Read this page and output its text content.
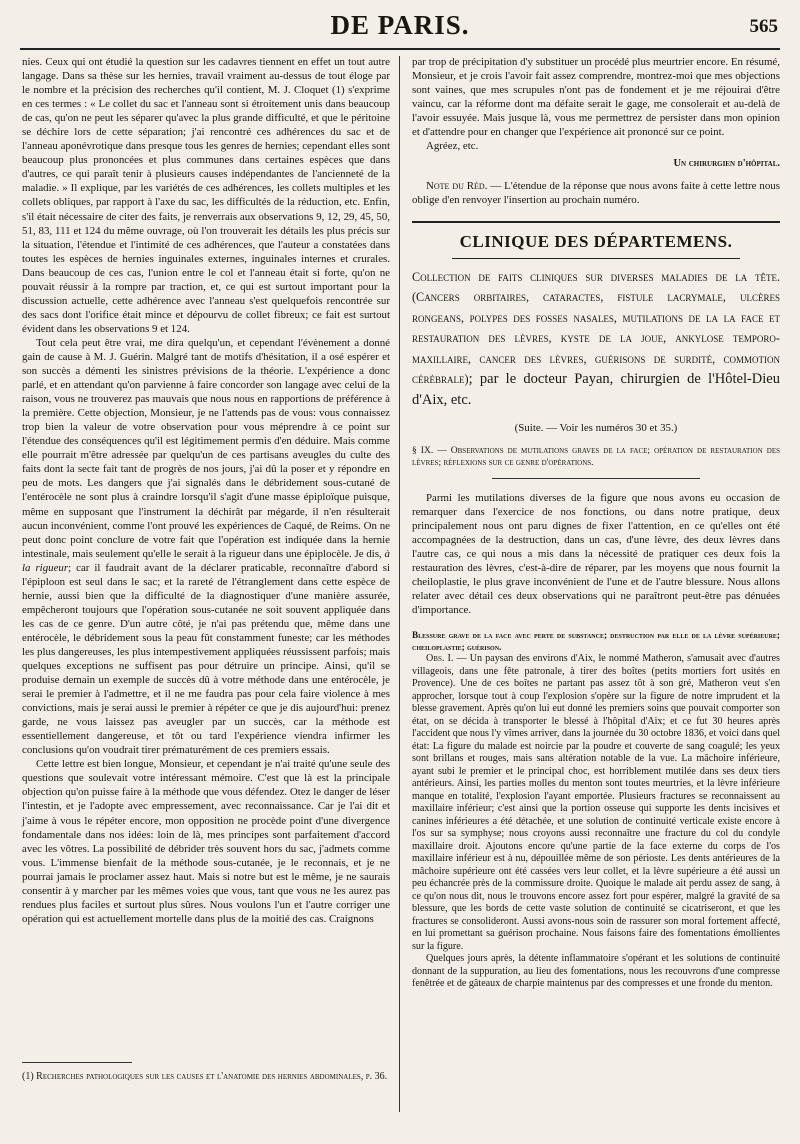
DE PARIS.	565

nies. Ceux qui ont étudié la question sur les cadavres tiennent en effet un tout autre langage. Dans sa thèse sur les hernies, travail vraiment au-dessus de tout éloge par le nombre et la précision des recherches qu'il contient, M. J. Cloquet (1) s'exprime en ces termes : « Le collet du sac et l'anneau sont si étroitement unis dans beaucoup de cas, qu'on ne peut les séparer qu'avec la plus grande difficulté, et que le péritoine se déchire lors de cette séparation; j'ai rencontré ces adhérences du sac et de l'anneau aponévrotique dans presque tous les genres de hernies; cependant elles sont beaucoup plus prononcées et plus communes dans certaines espèces que dans d'autres, ce qui paraît tenir à plusieurs causes indépendantes de l'ancienneté de la maladie. » Il explique, par les variétés de ces adhérences, les collets multiples et les collets obliques, par rapport à l'axe du sac, les difficultés de la réduction, etc. Enfin, s'il était nécessaire de citer des faits, je renverrais aux observations 9, 12, 29, 45, 50, 51, 83, 111 et 124 du même ouvrage, où l'on trouverait les détails les plus précis sur la situation, l'étendue et l'intimité de ces adhérences, que l'auteur a constatées dans toutes les espèces de hernies inguinales externes, inguinales internes et crurales. Dans beaucoup de ces cas, l'union entre le col et l'anneau était si forte, qu'on ne pouvait réussir à la rompre par traction, et, ce qui est surtout important pour la discussion actuelle, cette adhérence avec l'anneau s'est quelquefois rencontrée sur des sacs dont l'orifice était mince et dépourvu de collet fibreux; ce fait est surtout évident dans les observations 9 et 124.

Tout cela peut être vrai, me dira quelqu'un, et cependant l'évènement a donné gain de cause à M. J. Guérin. Malgré tant de motifs d'hésitation, il a osé espérer et son succès a démenti les sinistres prévisions de la théorie. L'expérience a donc parlé, et en attendant qu'on parvienne à faire concorder son langage avec celui de la raison, vous ne trouverez pas mauvais que nous nous en rapportions de préférence à la première. Cette objection, Monsieur, je ne l'attends pas de vous: vous connaissez trop bien la valeur de votre observation pour vous méprendre à ce point sur l'étendue des conséquences qu'il est légitimement permis d'en déduire. Mais comme elle pourrait m'être adressée par quelqu'un de ces partisans aveugles du culte des faits dont la secte fait tant de progrès de nos jours, j'ai dû la poser et y répondre en peu de mots. Les dangers que j'ai signalés dans le débridement sous-cutané de l'entérocèle ne sont plus à craindre lorsqu'il s'agit d'une masse épiploïque puisque, même en supposant que l'instrument la déchirât par mégarde, il n'en résulterait aucun inconvénient, comme l'ont prouvé les expériences de Caqué, de Reims. On ne peut donc point conclure de votre fait que l'opération est indiquée dans la hernie intestinale, mais seulement qu'elle le serait à la rigueur dans une épiplocèle. Je dis, à la rigueur; car il faudrait avant de la déclarer praticable, reconnaître d'abord si l'épiploon est seul dans le sac; et la rareté de l'étranglement dans cette espèce de hernie, aussi bien que la difficulté de la diagnostiquer d'une manière assurée, empêcheront toujours que l'opération sous-cutanée ne soit souvent appliquée dans les cas de ce genre. D'un autre côté, je n'ai pas prétendu que, même dans une entérocèle, le débridement sous la peau fût constamment funeste; car les méthodes les plus dangereuses, les plus intempestivement appliquées réussissent parfois; mais quelques exceptions ne suffisent pas pour détruire un principe. Ainsi, qu'il se produise demain un exemple de succès dû à votre méthode dans une entérocèle, je serai le premier à l'admettre, et il ne me faudra pas pour cela faire violence à mes convictions, mais je serai aussi le premier à répéter ce que je dis aujourd'hui: prenez garde, ne vous laissez pas aveugler par un succès, car la méthode est essentiellement dangereuse, et tôt ou tard l'expérience viendra infirmer les conclusions qu'on voudrait tirer prématurément de ces premiers essais.

Cette lettre est bien longue, Monsieur, et cependant je n'ai traité qu'une seule des questions que soulevait votre intéressant mémoire. C'est que là est la principale objection qu'on puisse faire à la méthode que vous défendez. Otez le danger de léser l'intestin, et je l'adopte avec empressement, avec reconnaissance. Car je l'ai dit et j'aime à vous le répéter encore, mon opposition ne procède point d'une divergence fondamentale dans nos idées: loin de là, mes principes sont parfaitement d'accord avec les vôtres. La possibilité de débrider très souvent hors du sac, j'admets comme vous. L'immense bienfait de la méthode sous-cutanée, je le reconnais, et je ne pourrai jamais le proclamer assez haut. Mais si notre but est le même, je ne saurais consentir à y marcher par les mêmes voies que vous, tant que vous ne les aurez pas rendues plus faciles et surtout plus sûres. Nous voulons l'un et l'autre corriger une opération qui est actuellement mortelle dans plus de la moitié des cas. Craignons

par trop de précipitation d'y substituer un procédé plus meurtrier encore. En résumé, Monsieur, et je crois l'avoir fait assez comprendre, montrez-moi que mes objections sont vaines, que mes scrupules n'ont pas de fondement et je me réjouirai d'être vaincu, car la réforme dont ma défaite serait le gage, me consolerait et au-delà de l'avoir essuyée. Mais jusque là, vous me permettrez de persister dans mon opinion et d'attendre pour en changer que l'expérience ait prononcé sur ce point.

Agréez, etc.

Un chirurgien d'hôpital.

Note du Réd. — L'étendue de la réponse que nous avons faite à cette lettre nous oblige d'en renvoyer l'insertion au prochain numéro.

CLINIQUE DES DÉPARTEMENS.

Collection de faits cliniques sur diverses maladies de la tête. (Cancers orbitaires, cataractes, fistule lacrymale, ulcères rongeans, polypes des fosses nasales, mutilations de la la face et restauration des lèvres, kyste de la joue, ankylose temporo-maxillaire, cancer des lèvres, guérisons de surdité, commotion cérébrale); par le docteur Payan, chirurgien de l'Hôtel-Dieu d'Aix, etc.

(Suite. — Voir les numéros 30 et 35.)

§ IX. — Observations de mutilations graves de la face; opération de restauration des lèvres; réflexions sur ce genre d'opérations.

Parmi les mutilations diverses de la figure que nous avons eu occasion de remarquer dans l'exercice de nos fonctions, ou dans notre pratique, deux principalement nous ont paru dignes de fixer l'attention, en ce qu'elles ont été accompagnées de la destruction, dans un cas, d'une lèvre, des deux lèvres dans l'autre cas, ce qui nous a mis dans la nécessité de pratiquer ces deux fois la restauration des lèvres, c'est-à-dire de réparer, par les moyens que nous fournit la cheiloplastie, le plus grave inconvénient de l'une et de l'autre blessure. Nous allons relater avec détail ces deux observations qui ne paraîtront peut-être pas dénuées d'importance.

Blessure grave de la face avec perte de substance; destruction par elle de la lèvre supérieure; cheiloplastie; guérison.

Obs. I. — Un paysan des environs d'Aix, le nommé Matheron, s'amusait avec d'autres villageois, dans une fête patronale, à tirer des boîtes (petits mortiers fort usités en Provence). Une de ces boîtes ne partant pas assez tôt à son gré, Matheron veut s'en approcher, lorsque tout à coup l'explosion s'opère sur la figure de notre imprudent et la blesse gravement. Après qu'on lui eut donné les premiers soins que pouvait comporter son état, on se décida à transporter le blessé à l'hôpital d'Aix; et ce fut 30 heures après l'accident que nous l'y vîmes arriver, dans la journée du 30 octobre 1836, et voici dans quel état: La figure du malade est noircie par la poudre et couverte de sang coagulé; les yeux sont brillans et rouges, mais sans altération notable de la vue. La mâchoire inférieure, ayant subi le premier et le principal choc, est horriblement mutilée dans ses deux tiers antérieurs. Ainsi, les parties molles du menton sont toutes meurtries, et la lèvre inférieure manque en totalité, l'explosion l'ayant emportée. Plusieurs fractures se reconnaissent au maxillaire inférieur; c'est ainsi que la portion osseuse qui supporte les dents incisives et canines inférieures a été détachée, et une solution de continuité verticale existe encore à l'os sur sa symphyse; nous croyons aussi reconnaître une fracture du col du condyle maxillaire droit. Ajoutons encore qu'une partie de la face externe du corps de l'os maxillaire inférieur est à nu, dépouillée même de son périoste. Les dents antérieures de la mâchoire supérieure ont été cassées vers leur collet, et la lèvre supérieure a été aussi un peu échancrée près de la commissure droite. Quoique le malade ait perdu assez de sang, à ce qu'on nous dit, nous le trouvons encore assez fort pour espérer, malgré la gravité de sa blessure, que les bords de cette vaste solution de continuité se cicatriseront, et que les fractures se consolideront. Aussi avons-nous soin de rassurer son moral fortement affecté, en lui promettant sa guérison prochaine. Nous faisons faire des fomentations émollientes sur la figure.

Quelques jours après, la détente inflammatoire s'opérant et les solutions de continuité donnant de la suppuration, au lieu des fomentations, nous les recouvrons d'une compresse fenêtrée et de gâteaux de charpie maintenus par des compresses et une fronde du menton.

(1) Recherches pathologiques sur les causes et l'anatomie des hernies abdominales, p. 36.
